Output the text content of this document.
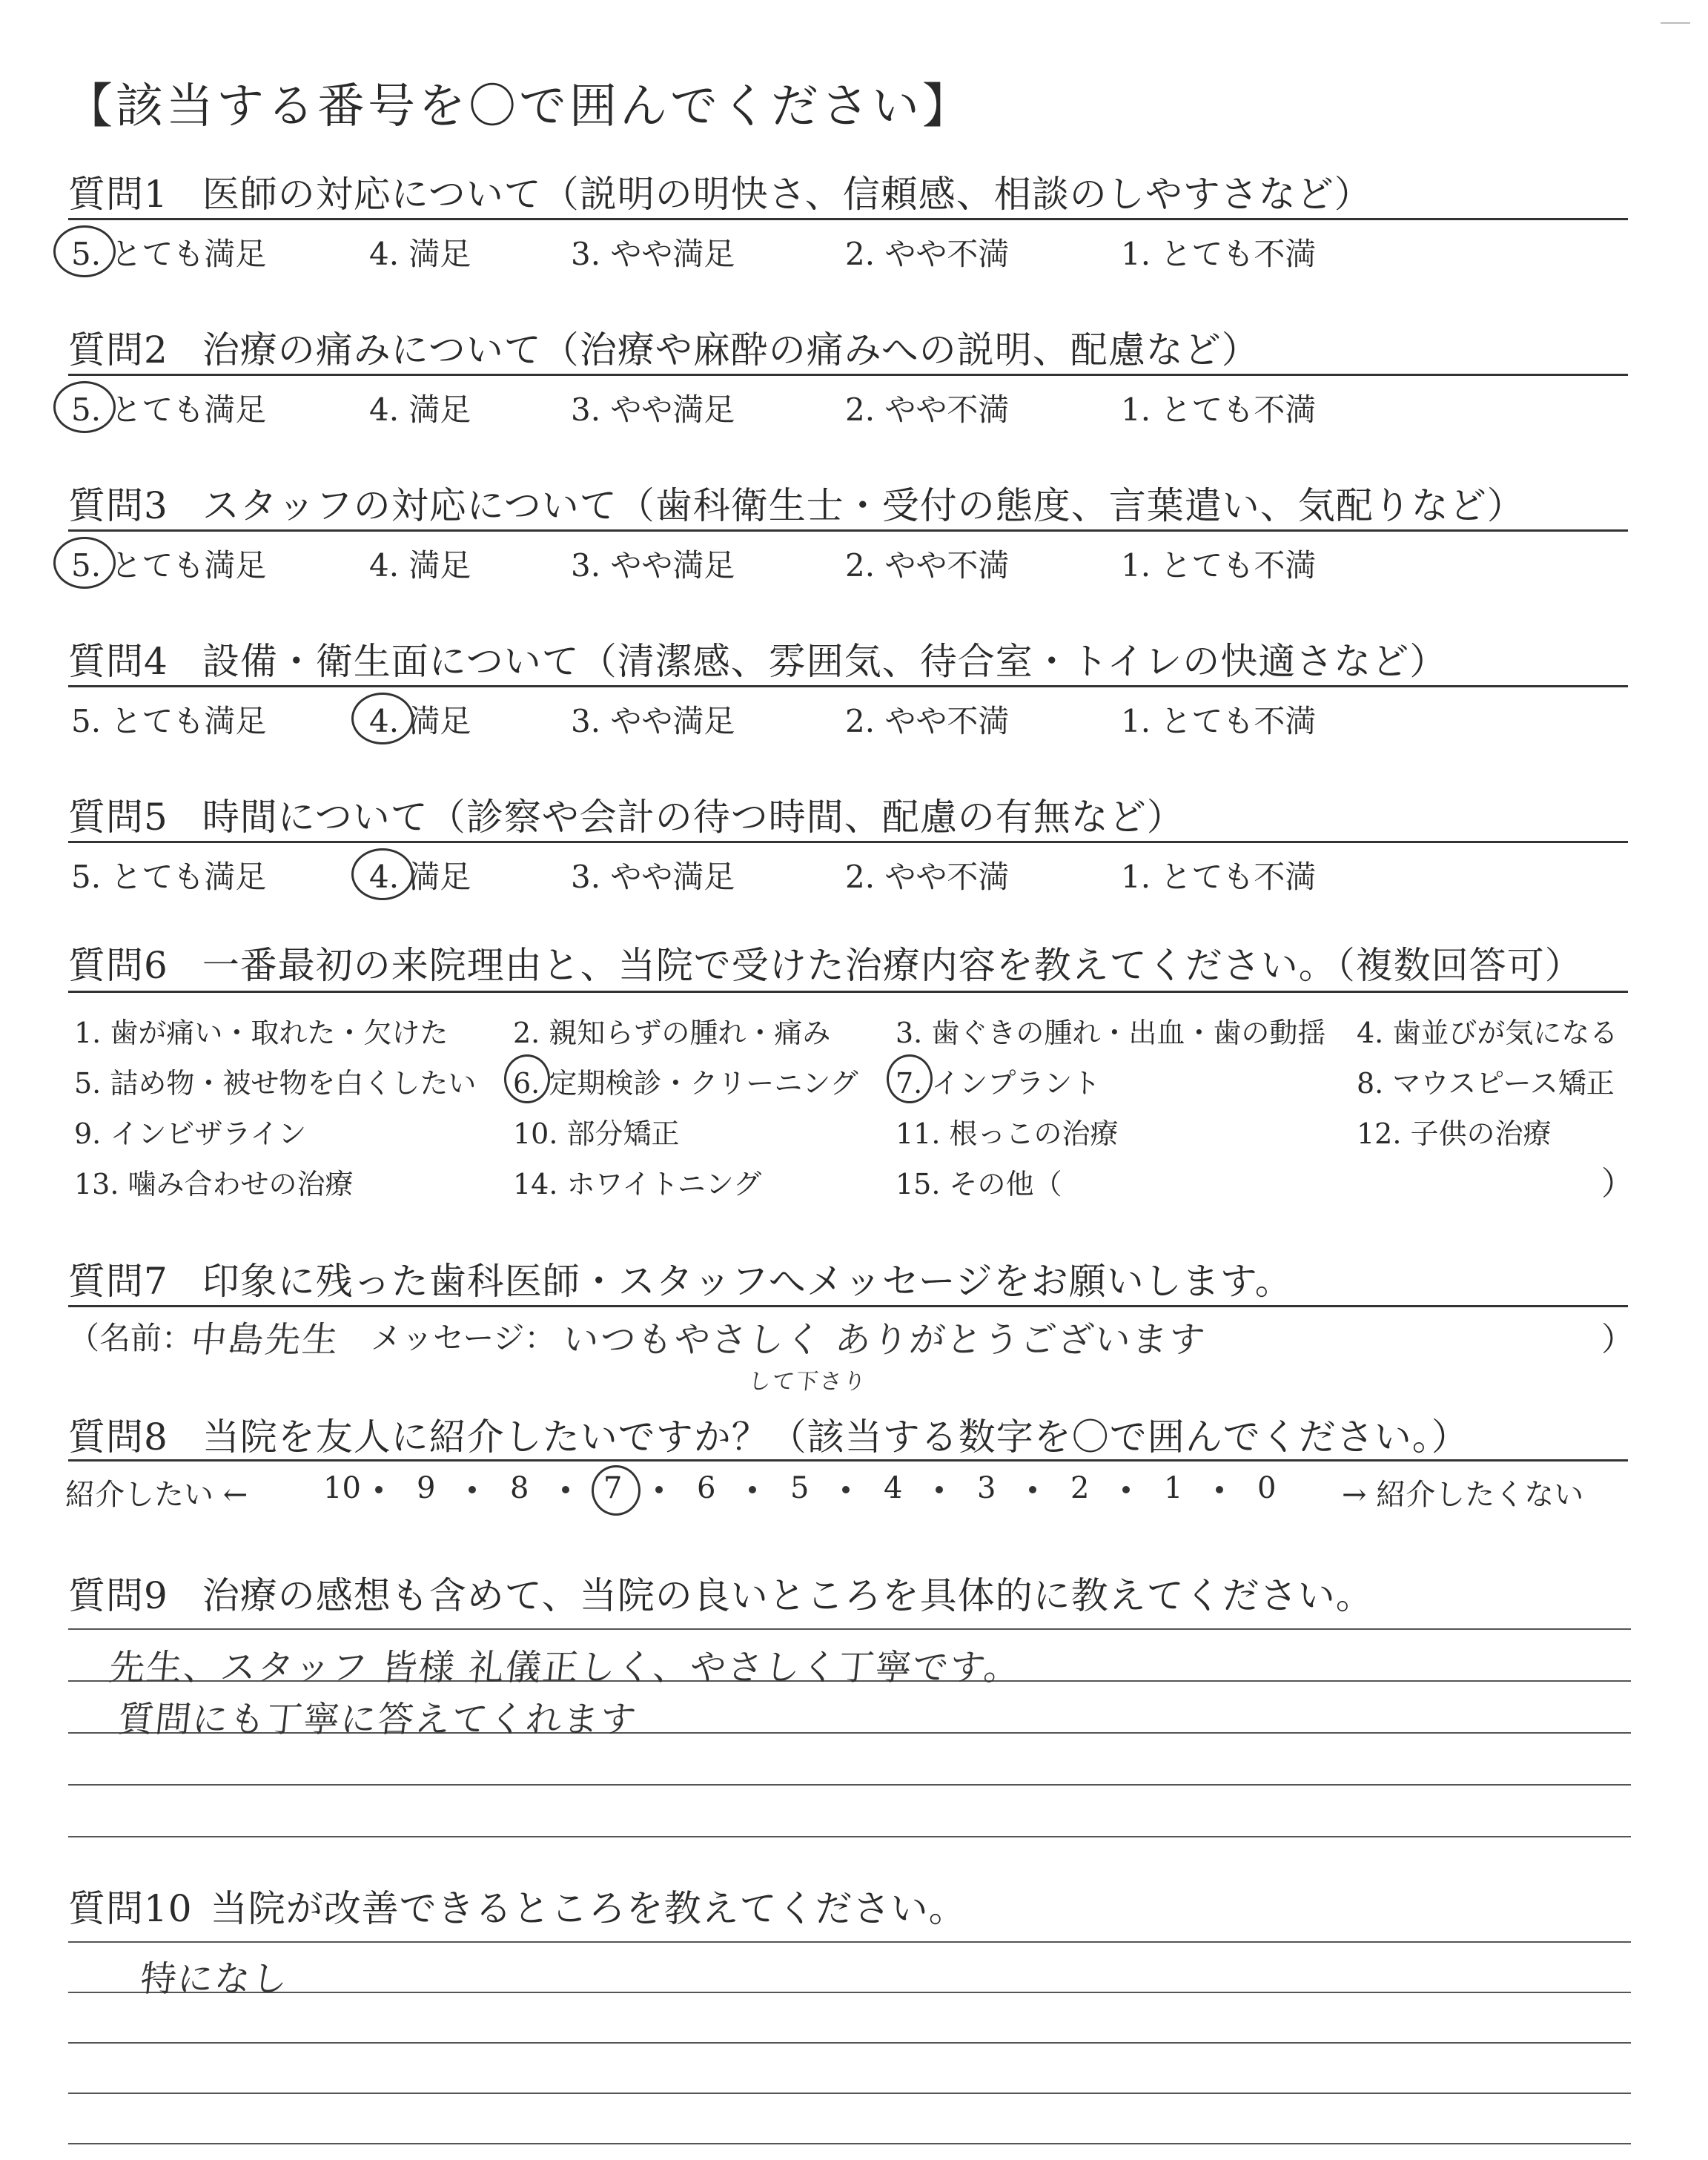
【該当する番号を〇で囲んでください】
質問1 医師の対応について（説明の明快さ、信頼感、相談のしやすさなど）
5. とても満足	4. 満足	3. やや満足	2. やや不満	1. とても不満
質問2 治療の痛みについて（治療や麻酔の痛みへの説明、配慮など）
5. とても満足	4. 満足	3. やや満足	2. やや不満	1. とても不満
質問3 スタッフの対応について（歯科衛生士・受付の態度、言葉遣い、気配りなど）
5. とても満足	4. 満足	3. やや満足	2. やや不満	1. とても不満
質問4 設備・衛生面について（清潔感、雰囲気、待合室・トイレの快適さなど）
5. とても満足	4. 満足	3. やや満足	2. やや不満	1. とても不満
質問5 時間について（診察や会計の待つ時間、配慮の有無など）
5. とても満足	4. 満足	3. やや満足	2. やや不満	1. とても不満
質問6 一番最初の来院理由と、当院で受けた治療内容を教えてください。（複数回答可）
1. 歯が痛い・取れた・欠けた 2. 親知らずの腫れ・痛み 3. 歯ぐきの腫れ・出血・歯の動揺 4. 歯並びが気になる
5. 詰め物・被せ物を白くしたい 6. 定期検診・クリーニング 7. インプラント	8. マウスピース矯正
9. インビザライン	10. 部分矯正	11. 根っこの治療	12. 子供の治療
13. 噛み合わせの治療	14. ホワイトニング	15. その他（	）
質問7 印象に残った歯科医師・スタッフへメッセージをお願いします。
（名前：
中島先生 メッセージ： いつもやさしく ありがとうございます
して下さり
）
質問8 当院を友人に紹介したいですか？（該当する数字を〇で囲んでください。）
紹介したい ←	10 9	8	7	6	5	4	3	2	1	0 → 紹介したくない
質問9 治療の感想も含めて、当院の良いところを具体的に教えてください。
先生、スタッフ 皆様 礼儀正しく、やさしく丁寧です。
質問にも丁寧に答えてくれます
質問10 当院が改善できるところを教えてください。
特になし
